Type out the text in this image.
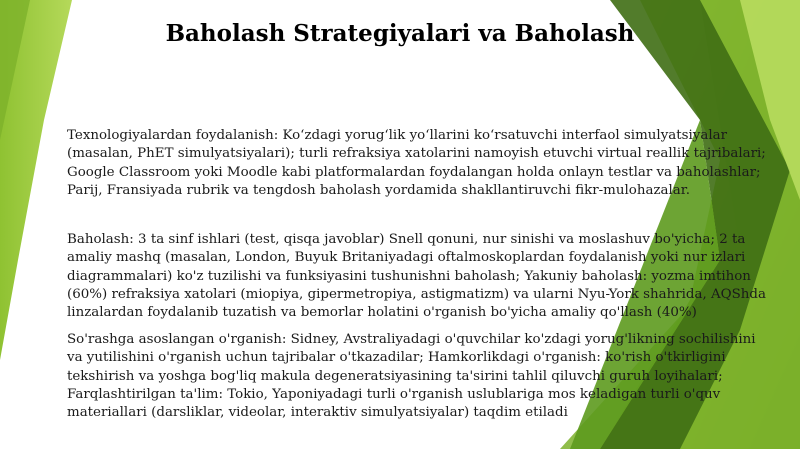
Baholash Strategiyalari va Baholash
Texnologiyalardan foydalanish: Koʻzdagi yorugʻlik yoʻllarini koʻrsatuvchi interfaol simulyatsiyalar (masalan, PhET simulyatsiyalari); turli refraksiya xatolarini namoyish etuvchi virtual reallik tajribalari; Google Classroom yoki Moodle kabi platformalardan foydalangan holda onlayn testlar va baholashlar; Parij, Fransiyada rubrik va tengdosh baholash yordamida shakllantiruvchi fikr-mulohazalar.
Baholash: 3 ta sinf ishlari (test, qisqa javoblar) Snell qonuni, nur sinishi va moslashuv bo'yicha; 2 ta amaliy mashq (masalan, London, Buyuk Britaniyadagi oftalmoskoplardan foydalanish yoki nur izlari diagrammalari) ko'z tuzilishi va funksiyasini tushunishni baholash; Yakuniy baholash: yozma imtihon (60%) refraksiya xatolari (miopiya, gipermetropiya, astigmatizm) va ularni Nyu-York shahrida, AQShda linzalardan foydalanib tuzatish va bemorlar holatini o'rganish bo'yicha amaliy qo'llash (40%)
So'rashga asoslangan o'rganish: Sidney, Avstraliyadagi o'quvchilar ko'zdagi yorug'likning sochilishini va yutilishini o'rganish uchun tajribalar o'tkazadilar; Hamkorlikdagi o'rganish: ko'rish o'tkirligini tekshirish va yoshga bog'liq makula degeneratsiyasining ta'sirini tahlil qiluvchi guruh loyihalari; Farqlashtirilgan ta'lim: Tokio, Yaponiyadagi turli o'rganish uslublariga mos keladigan turli o'quv materiallari (darsliklar, videolar, interaktiv simulyatsiyalar) taqdim etiladi
